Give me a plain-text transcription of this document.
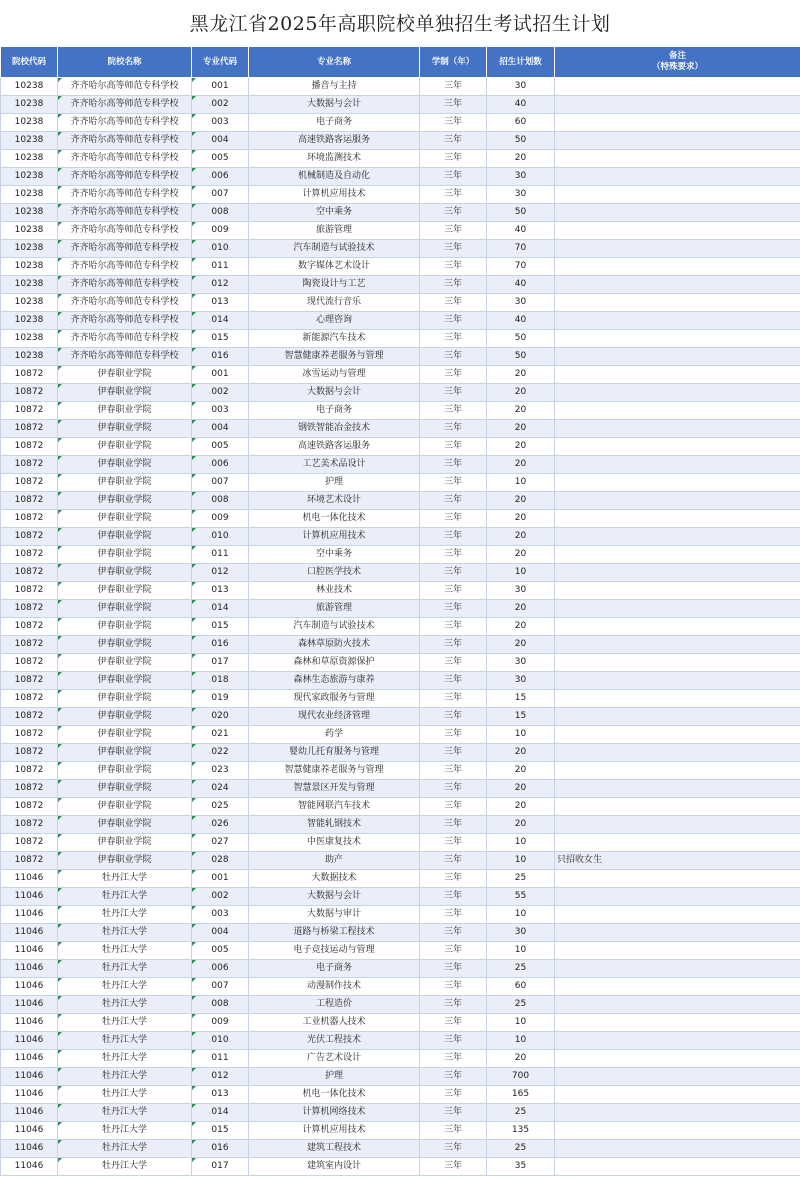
黑龙江省2025年高职院校单独招生考试招生计划
院校代码	院校名称	专业代码	专业名称	学制（年）	招生计划数	备注
（特殊要求）

10238	齐齐哈尔高等师范专科学校	001	播音与主持	三年	30	
10238	齐齐哈尔高等师范专科学校	002	大数据与会计	三年	40	
10238	齐齐哈尔高等师范专科学校	003	电子商务	三年	60	
10238	齐齐哈尔高等师范专科学校	004	高速铁路客运服务	三年	50	
10238	齐齐哈尔高等师范专科学校	005	环境监测技术	三年	20	
10238	齐齐哈尔高等师范专科学校	006	机械制造及自动化	三年	30	
10238	齐齐哈尔高等师范专科学校	007	计算机应用技术	三年	30	
10238	齐齐哈尔高等师范专科学校	008	空中乘务	三年	50	
10238	齐齐哈尔高等师范专科学校	009	旅游管理	三年	40	
10238	齐齐哈尔高等师范专科学校	010	汽车制造与试验技术	三年	70	
10238	齐齐哈尔高等师范专科学校	011	数字媒体艺术设计	三年	70	
10238	齐齐哈尔高等师范专科学校	012	陶瓷设计与工艺	三年	40	
10238	齐齐哈尔高等师范专科学校	013	现代流行音乐	三年	30	
10238	齐齐哈尔高等师范专科学校	014	心理咨询	三年	40	
10238	齐齐哈尔高等师范专科学校	015	新能源汽车技术	三年	50	
10238	齐齐哈尔高等师范专科学校	016	智慧健康养老服务与管理	三年	50	
10872	伊春职业学院	001	冰雪运动与管理	三年	20	
10872	伊春职业学院	002	大数据与会计	三年	20	
10872	伊春职业学院	003	电子商务	三年	20	
10872	伊春职业学院	004	钢铁智能冶金技术	三年	20	
10872	伊春职业学院	005	高速铁路客运服务	三年	20	
10872	伊春职业学院	006	工艺美术品设计	三年	20	
10872	伊春职业学院	007	护理	三年	10	
10872	伊春职业学院	008	环境艺术设计	三年	20	
10872	伊春职业学院	009	机电一体化技术	三年	20	
10872	伊春职业学院	010	计算机应用技术	三年	20	
10872	伊春职业学院	011	空中乘务	三年	20	
10872	伊春职业学院	012	口腔医学技术	三年	10	
10872	伊春职业学院	013	林业技术	三年	30	
10872	伊春职业学院	014	旅游管理	三年	20	
10872	伊春职业学院	015	汽车制造与试验技术	三年	20	
10872	伊春职业学院	016	森林草原防火技术	三年	20	
10872	伊春职业学院	017	森林和草原资源保护	三年	30	
10872	伊春职业学院	018	森林生态旅游与康养	三年	30	
10872	伊春职业学院	019	现代家政服务与管理	三年	15	
10872	伊春职业学院	020	现代农业经济管理	三年	15	
10872	伊春职业学院	021	药学	三年	10	
10872	伊春职业学院	022	婴幼儿托育服务与管理	三年	20	
10872	伊春职业学院	023	智慧健康养老服务与管理	三年	20	
10872	伊春职业学院	024	智慧景区开发与管理	三年	20	
10872	伊春职业学院	025	智能网联汽车技术	三年	20	
10872	伊春职业学院	026	智能轧钢技术	三年	20	
10872	伊春职业学院	027	中医康复技术	三年	10	
10872	伊春职业学院	028	助产	三年	10	只招收女生
11046	牡丹江大学	001	大数据技术	三年	25	
11046	牡丹江大学	002	大数据与会计	三年	55	
11046	牡丹江大学	003	大数据与审计	三年	10	
11046	牡丹江大学	004	道路与桥梁工程技术	三年	30	
11046	牡丹江大学	005	电子竞技运动与管理	三年	10	
11046	牡丹江大学	006	电子商务	三年	25	
11046	牡丹江大学	007	动漫制作技术	三年	60	
11046	牡丹江大学	008	工程造价	三年	25	
11046	牡丹江大学	009	工业机器人技术	三年	10	
11046	牡丹江大学	010	光伏工程技术	三年	10	
11046	牡丹江大学	011	广告艺术设计	三年	20	
11046	牡丹江大学	012	护理	三年	700	
11046	牡丹江大学	013	机电一体化技术	三年	165	
11046	牡丹江大学	014	计算机网络技术	三年	25	
11046	牡丹江大学	015	计算机应用技术	三年	135	
11046	牡丹江大学	016	建筑工程技术	三年	25	
11046	牡丹江大学	017	建筑室内设计	三年	35	
